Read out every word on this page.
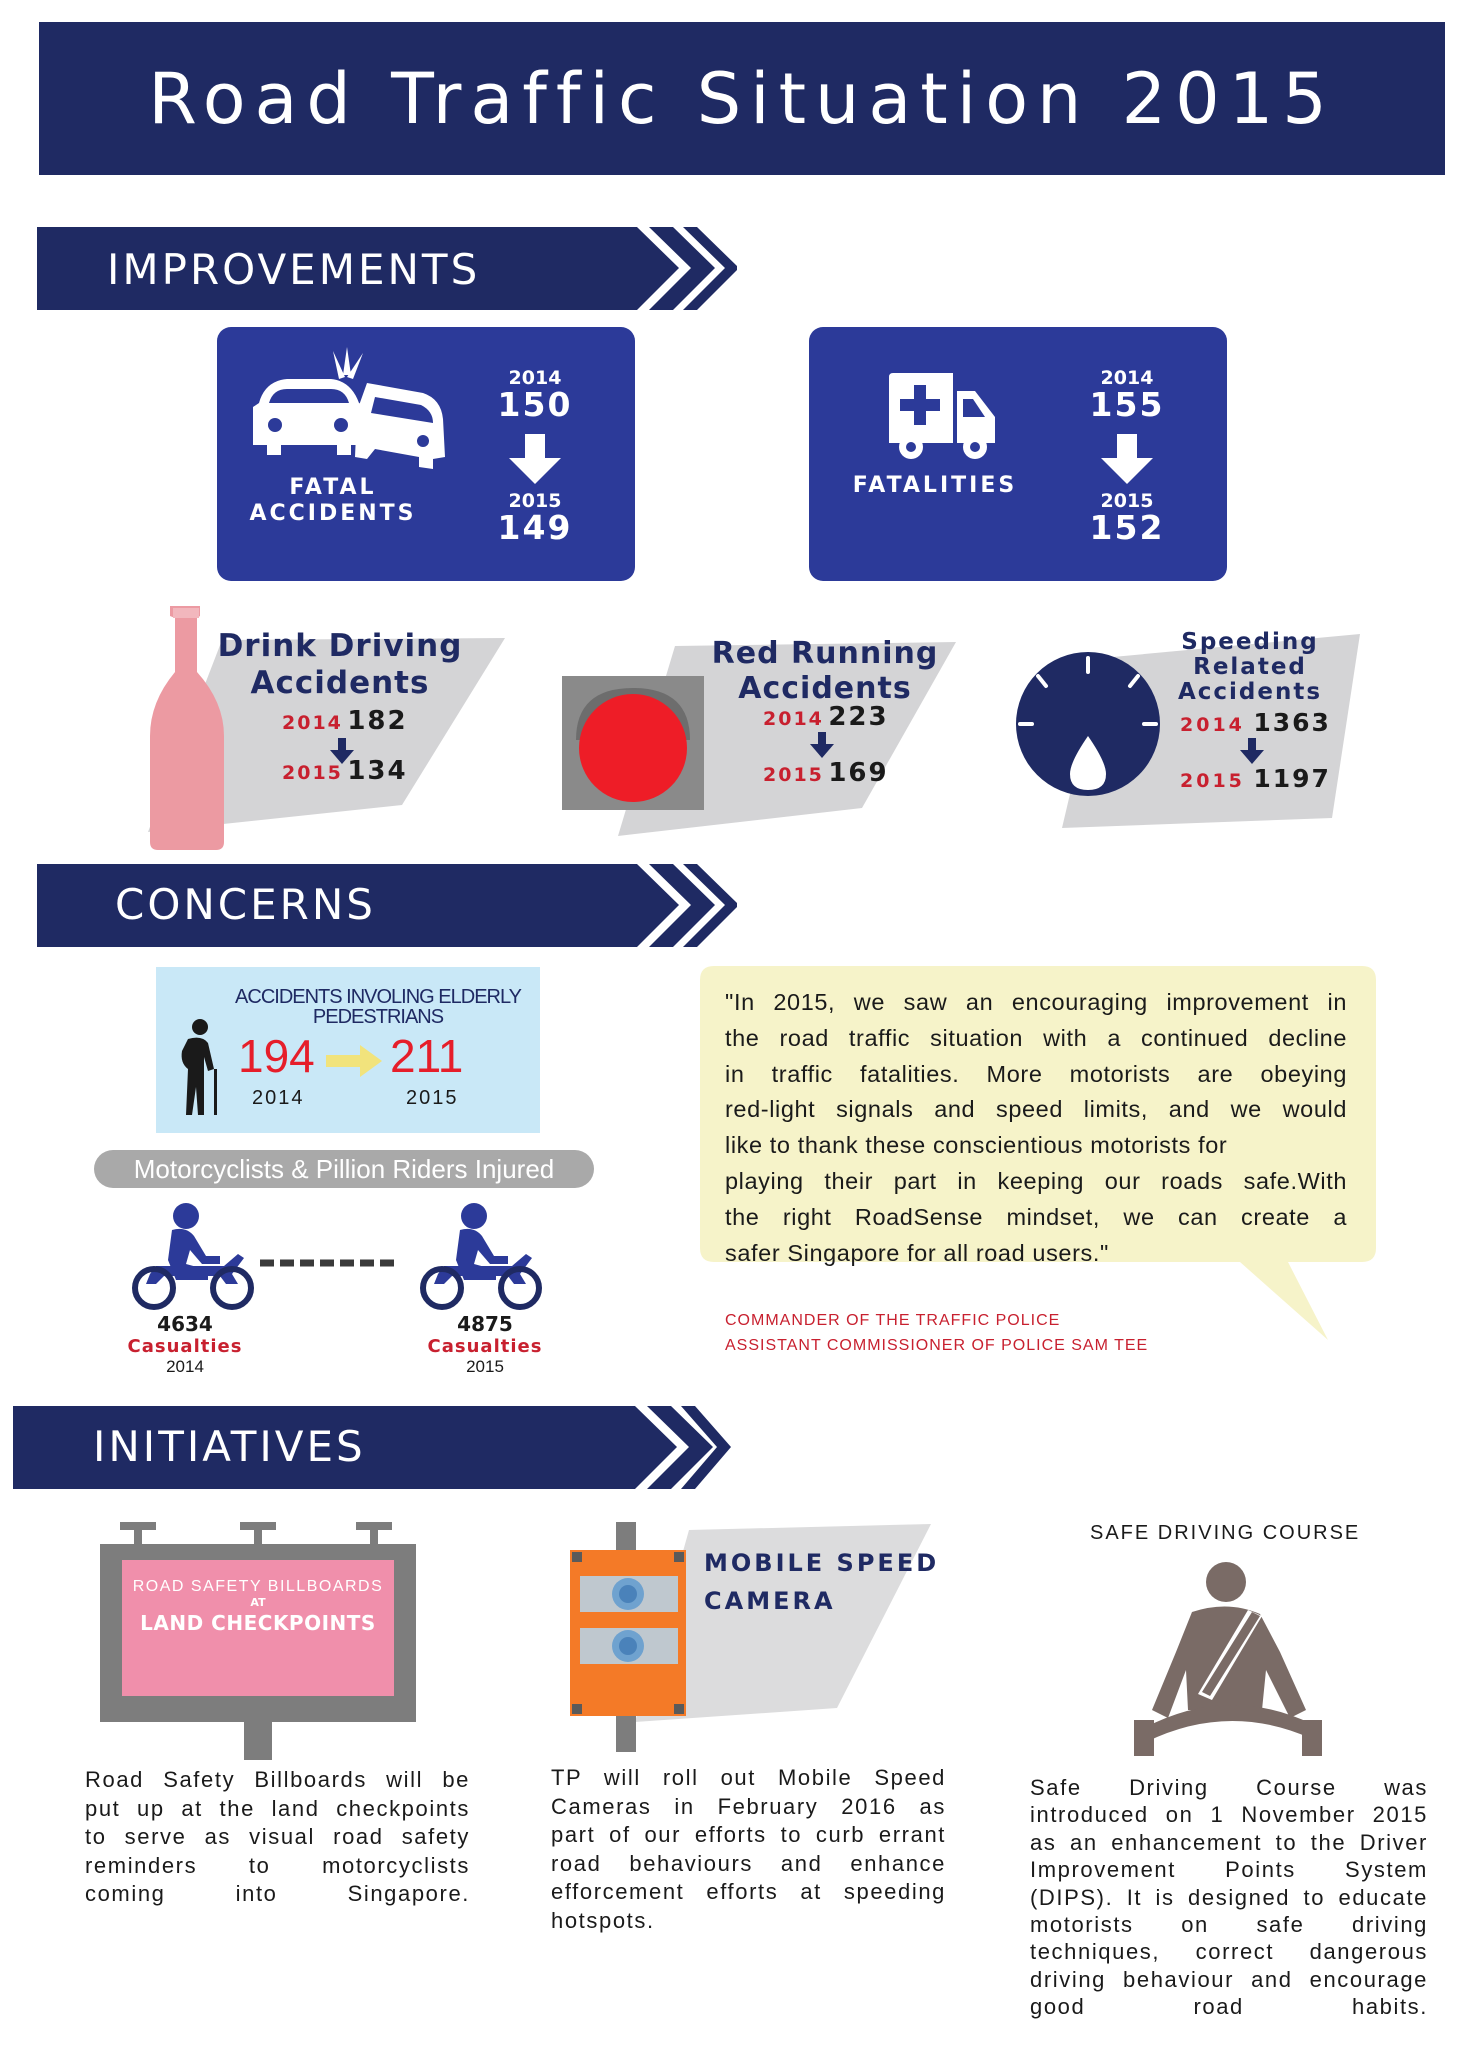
Road Traffic Situation 2015
IMPROVEMENTS
FATAL
ACCIDENTS
2014
150
2015
149
FATALITIES
2014
155
2015
152
Drink Driving
Accidents
2014 182
2015 134
Red Running
Accidents
2014 223
2015 169
Speeding
Related
Accidents
2014 1363
2015 1197
CONCERNS
ACCIDENTS INVOLING ELDERLY
PEDESTRIANS
194 211
2014	2015
Motorcyclists & Pillion Riders Injured
4634
Casualties
2014
4875
Casualties
2015
"In 2015, we saw an encouraging improvement in
the road traffic situation with a continued decline
in traffic fatalities. More motorists are obeying
red-light signals and speed limits, and we would
like to thank these conscientious motorists for
playing their part in keeping our roads safe.With
the right RoadSense mindset, we can create a
safer Singapore for all road users."
COMMANDER OF THE TRAFFIC POLICE
ASSISTANT COMMISSIONER OF POLICE SAM TEE
INITIATIVES
ROAD SAFETY BILLBOARDS
AT
LAND CHECKPOINTS
Road Safety Billboards will be
put up at the land checkpoints
to serve as visual road safety
reminders to motorcyclists
coming into Singapore.
MOBILE SPEED
CAMERA
TP will roll out Mobile Speed
Cameras in February 2016 as
part of our efforts to curb errant
road behaviours and enhance
efforcement efforts at speeding
hotspots.
SAFE DRIVING COURSE
Safe Driving Course was
introduced on 1 November 2015
as an enhancement to the Driver
Improvement Points System
(DIPS). It is designed to educate
motorists on safe driving
techniques, correct dangerous
driving behaviour and encourage
good road habits.
